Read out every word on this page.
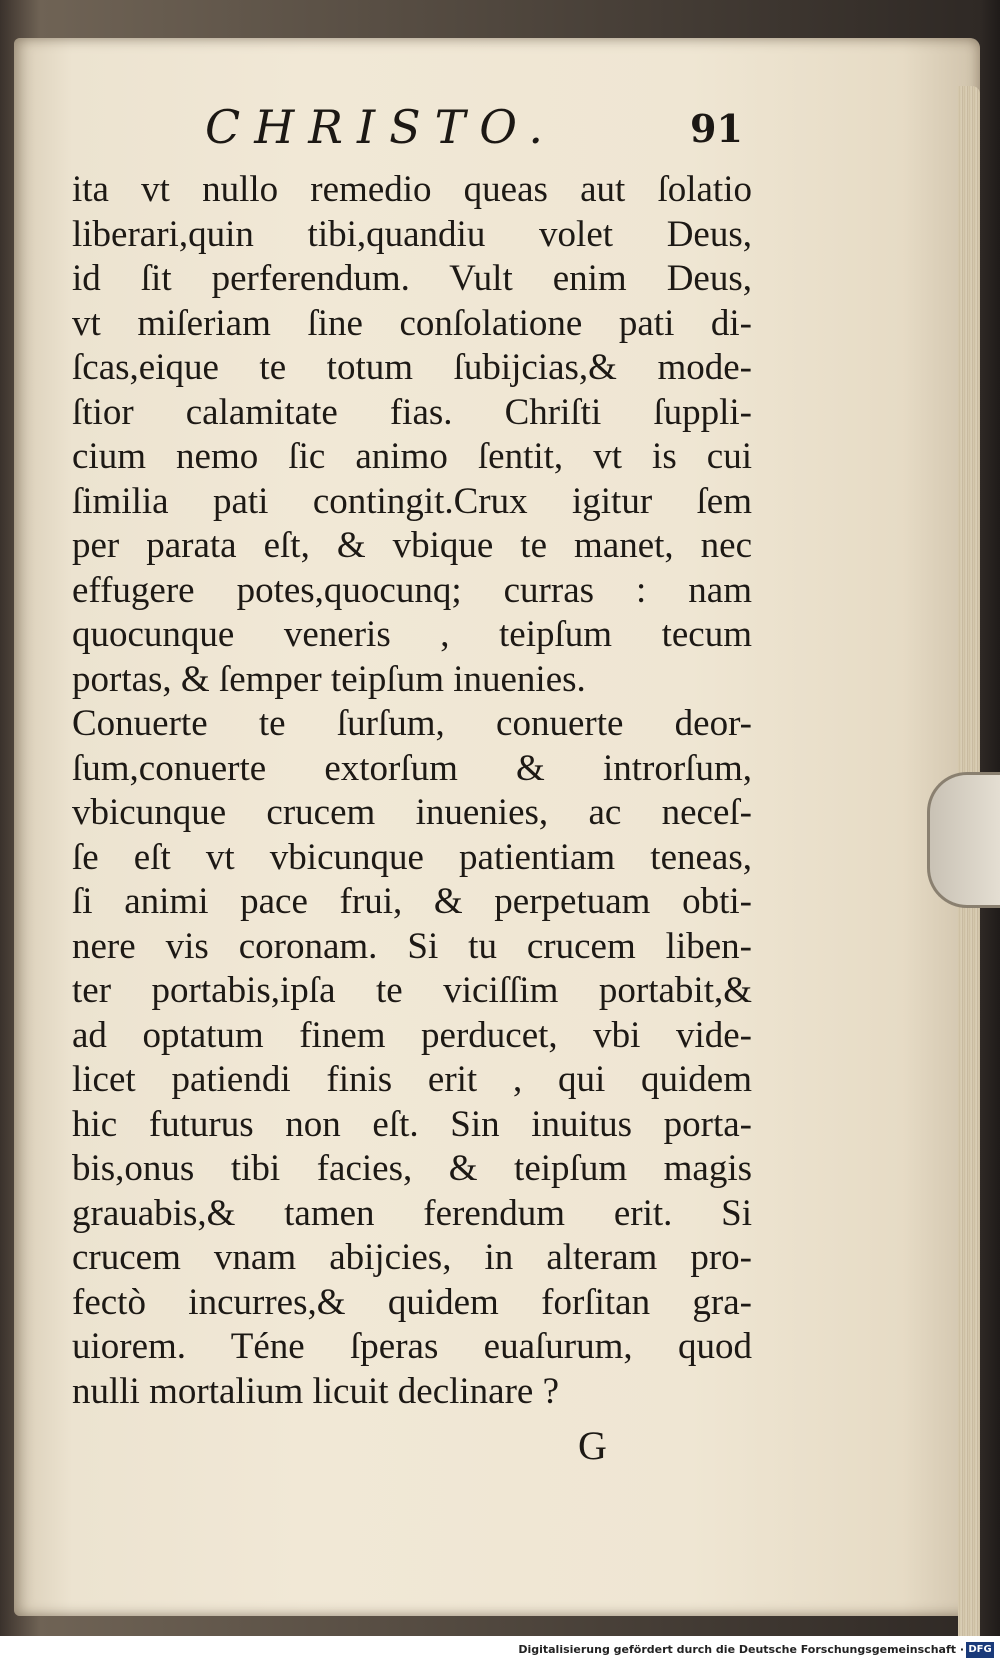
CHRISTO.	91
ita vt nullo remedio queas aut ſolatio
liberari,quin tibi,quandiu volet Deus,
id ſit perferendum. Vult enim Deus,
vt miſeriam ſine conſolatione pati di-
ſcas,eique te totum ſubijcias,& mode-
ſtior calamitate fias. Chriſti ſuppli-
cium nemo ſic animo ſentit, vt is cui
ſimilia pati contingit.Crux igitur ſem
per parata eſt, & vbique te manet, nec
effugere potes,quocunq; curras : nam
quocunque veneris , teipſum tecum
portas, & ſemper teipſum inuenies.
Conuerte te ſurſum, conuerte deor-
ſum,conuerte extorſum & introrſum,
vbicunque crucem inuenies, ac neceſ-
ſe eſt vt vbicunque patientiam teneas,
ſi animi pace frui, & perpetuam obti-
nere vis coronam. Si tu crucem liben-
ter portabis,ipſa te viciſſim portabit,&
ad optatum finem perducet, vbi vide-
licet patiendi finis erit , qui quidem
hic futurus non eſt. Sin inuitus porta-
bis,onus tibi facies, & teipſum magis
grauabis,& tamen ferendum erit. Si
crucem vnam abijcies, in alteram pro-
fectò incurres,& quidem forſitan gra-
uiorem. Téne ſperas euaſurum, quod
nulli mortalium licuit declinare ?
G
Digitalisierung gefördert durch die Deutsche Forschungsgemeinschaft · DFG
